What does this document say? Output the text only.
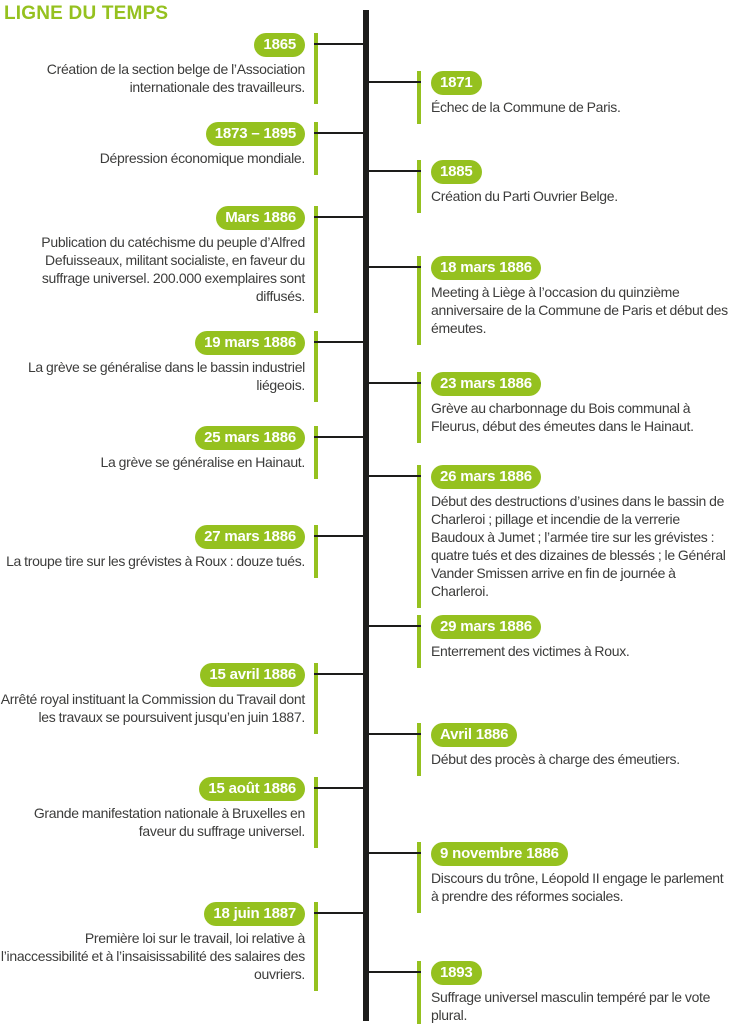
LIGNE DU TEMPS
1865
Création de la section belge de l’Association internationale des travailleurs.	1871
Échec de la Commune de Paris.
1873 – 1895
Dépression économique mondiale.
1885
Création du Parti Ouvrier Belge.
Mars 1886
Publication du catéchisme du peuple d’Alfred Defuisseaux, militant socialiste, en faveur du suffrage universel. 200.000 exemplaires sont diffusés.
18 mars 1886
Meeting à Liège à l’occasion du quinzième anniversaire de la Commune de Paris et début des émeutes.
19 mars 1886
La grève se généralise dans le bassin industriel liégeois.	23 mars 1886
Grève au charbonnage du Bois communal à Fleurus, début des émeutes dans le Hainaut.
25 mars 1886
La grève se généralise en Hainaut.
26 mars 1886
Début des destructions d’usines dans le bassin de Charleroi ; pillage et incendie de la verrerie Baudoux à Jumet ; l’armée tire sur les grévistes : quatre tués et des dizaines de blessés ; le Général Vander Smissen arrive en fin de journée à Charleroi.
27 mars 1886
La troupe tire sur les grévistes à Roux : douze tués.
29 mars 1886
Enterrement des victimes à Roux.
15 avril 1886
Arrêté royal instituant la Commission du Travail dont les travaux se poursuivent jusqu’en juin 1887.
Avril 1886
Début des procès à charge des émeutiers.
15 août 1886
Grande manifestation nationale à Bruxelles en faveur du suffrage universel.
9 novembre 1886
Discours du trône, Léopold II engage le parlement à prendre des réformes sociales.
18 juin 1887
Première loi sur le travail, loi relative à l’inaccessibilité et à l’insaisissabilité des salaires des ouvriers.	1893
Suffrage universel masculin tempéré par le vote plural.
